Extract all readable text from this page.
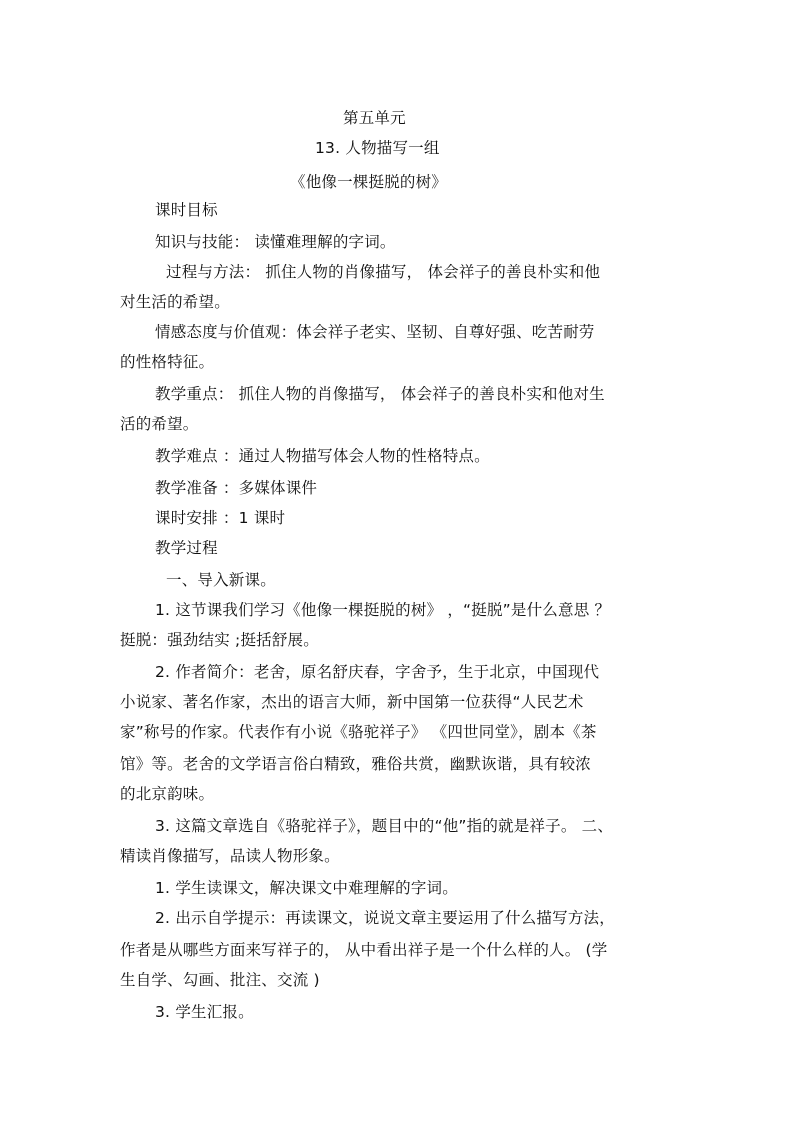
第五单元
13. 人物描写一组
《他像一棵挺脱的树》
课时目标
知识与技能： 读懂难理解的字词。
过程与方法： 抓住人物的肖像描写， 体会祥子的善良朴实和他
对生活的希望。
情感态度与价值观：体会祥子老实、坚韧、自尊好强、吃苦耐劳
的性格特征。
教学重点： 抓住人物的肖像描写， 体会祥子的善良朴实和他对生
活的希望。
教学难点 ：通过人物描写体会人物的性格特点。
教学准备 ：多媒体课件
课时安排 ：1 课时
教学过程
一、导入新课。
1. 这节课我们学习《他像一棵挺脱的树》 ，“挺脱”是什么意思 ？
挺脱：强劲结实 ;挺括舒展。
2. 作者简介：老舍，原名舒庆春，字舍予，生于北京，中国现代
小说家、著名作家，杰出的语言大师，新中国第一位获得“人民艺术
家”称号的作家。代表作有小说《骆驼祥子》 《四世同堂》，剧本《茶
馆》等。老舍的文学语言俗白精致，雅俗共赏，幽默诙谐，具有较浓
的北京韵味。
3. 这篇文章选自《骆驼祥子》，题目中的“他”指的就是祥子。 二、
精读肖像描写，品读人物形象。
1. 学生读课文，解决课文中难理解的字词。
2. 出示自学提示：再读课文，说说文章主要运用了什么描写方法，
作者是从哪些方面来写祥子的， 从中看出祥子是一个什么样的人。 (学
生自学、勾画、批注、交流 )
3. 学生汇报。
